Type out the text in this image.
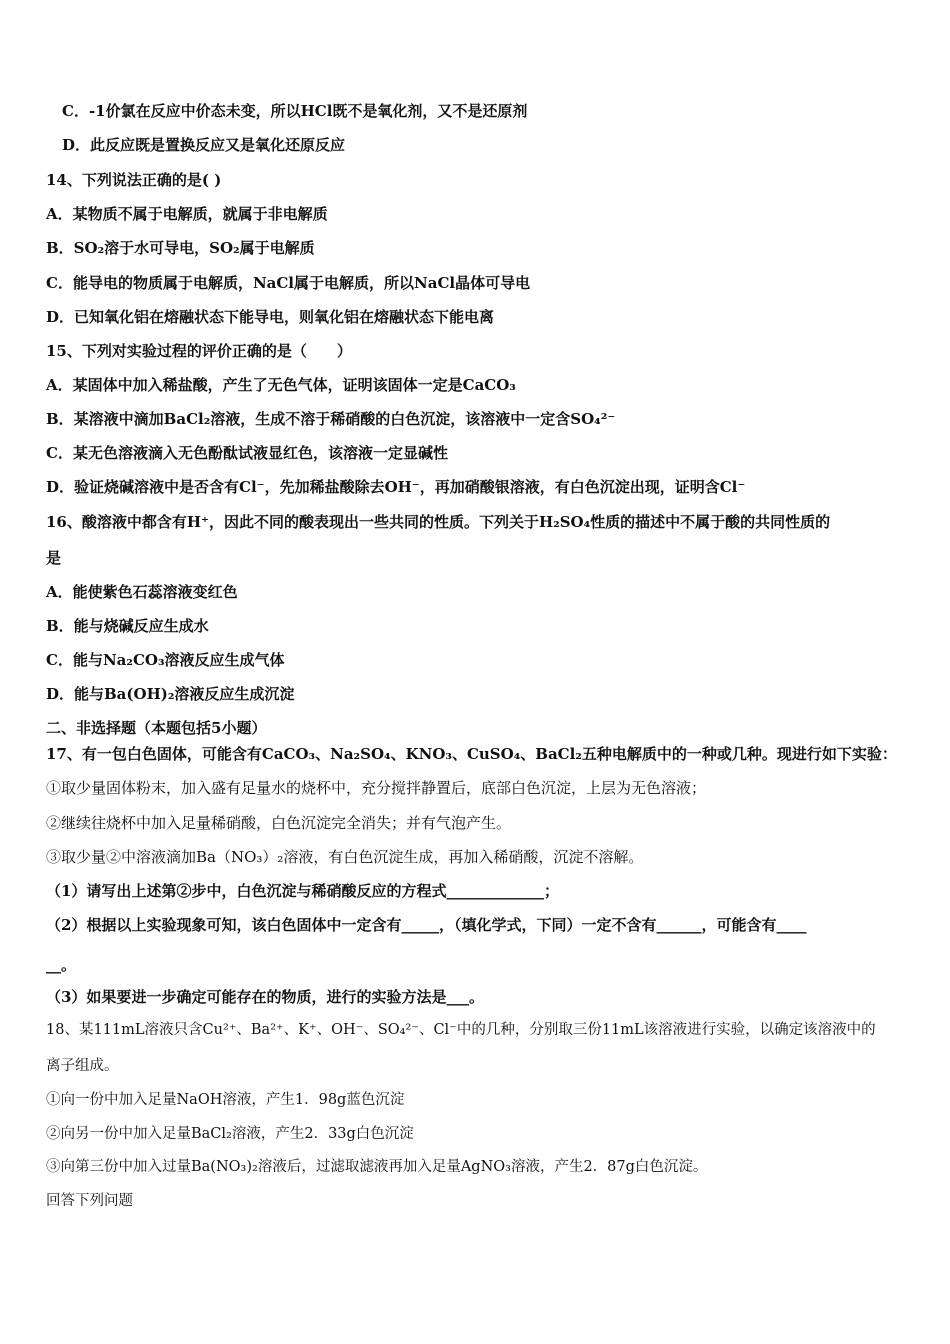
C．-1价氯在反应中价态未变，所以HCl既不是氧化剂，又不是还原剂
D．此反应既是置换反应又是氧化还原反应
14、下列说法正确的是( )
A．某物质不属于电解质，就属于非电解质
B．SO₂溶于水可导电，SO₂属于电解质
C．能导电的物质属于电解质，NaCl属于电解质，所以NaCl晶体可导电
D．已知氧化铝在熔融状态下能导电，则氧化铝在熔融状态下能电离
15、下列对实验过程的评价正确的是（　　）
A．某固体中加入稀盐酸，产生了无色气体，证明该固体一定是CaCO₃
B．某溶液中滴加BaCl₂溶液，生成不溶于稀硝酸的白色沉淀，该溶液中一定含SO₄²⁻
C．某无色溶液滴入无色酚酞试液显红色，该溶液一定显碱性
D．验证烧碱溶液中是否含有Cl⁻，先加稀盐酸除去OH⁻，再加硝酸银溶液，有白色沉淀出现，证明含Cl⁻
16、酸溶液中都含有H⁺，因此不同的酸表现出一些共同的性质。下列关于H₂SO₄性质的描述中不属于酸的共同性质的
是
A．能使紫色石蕊溶液变红色
B．能与烧碱反应生成水
C．能与Na₂CO₃溶液反应生成气体
D．能与Ba(OH)₂溶液反应生成沉淀
二、非选择题（本题包括5小题）
17、有一包白色固体，可能含有CaCO₃、Na₂SO₄、KNO₃、CuSO₄、BaCl₂五种电解质中的一种或几种。现进行如下实验：
①取少量固体粉末，加入盛有足量水的烧杯中，充分搅拌静置后，底部白色沉淀，上层为无色溶液；
②继续往烧杯中加入足量稀硝酸，白色沉淀完全消失；并有气泡产生。
③取少量②中溶液滴加Ba（NO₃）₂溶液，有白色沉淀生成，再加入稀硝酸，沉淀不溶解。
（1）请写出上述第②步中，白色沉淀与稀硝酸反应的方程式_____________；
（2）根据以上实验现象可知，该白色固体中一定含有_____，（填化学式，下同）一定不含有______，可能含有____
__。
（3）如果要进一步确定可能存在的物质，进行的实验方法是___。
18、某111mL溶液只含Cu²⁺、Ba²⁺、K⁺、OH⁻、SO₄²⁻、Cl⁻中的几种，分别取三份11mL该溶液进行实验，以确定该溶液中的
离子组成。
①向一份中加入足量NaOH溶液，产生1．98g蓝色沉淀
②向另一份中加入足量BaCl₂溶液，产生2．33g白色沉淀
③向第三份中加入过量Ba(NO₃)₂溶液后，过滤取滤液再加入足量AgNO₃溶液，产生2．87g白色沉淀。
回答下列问题
